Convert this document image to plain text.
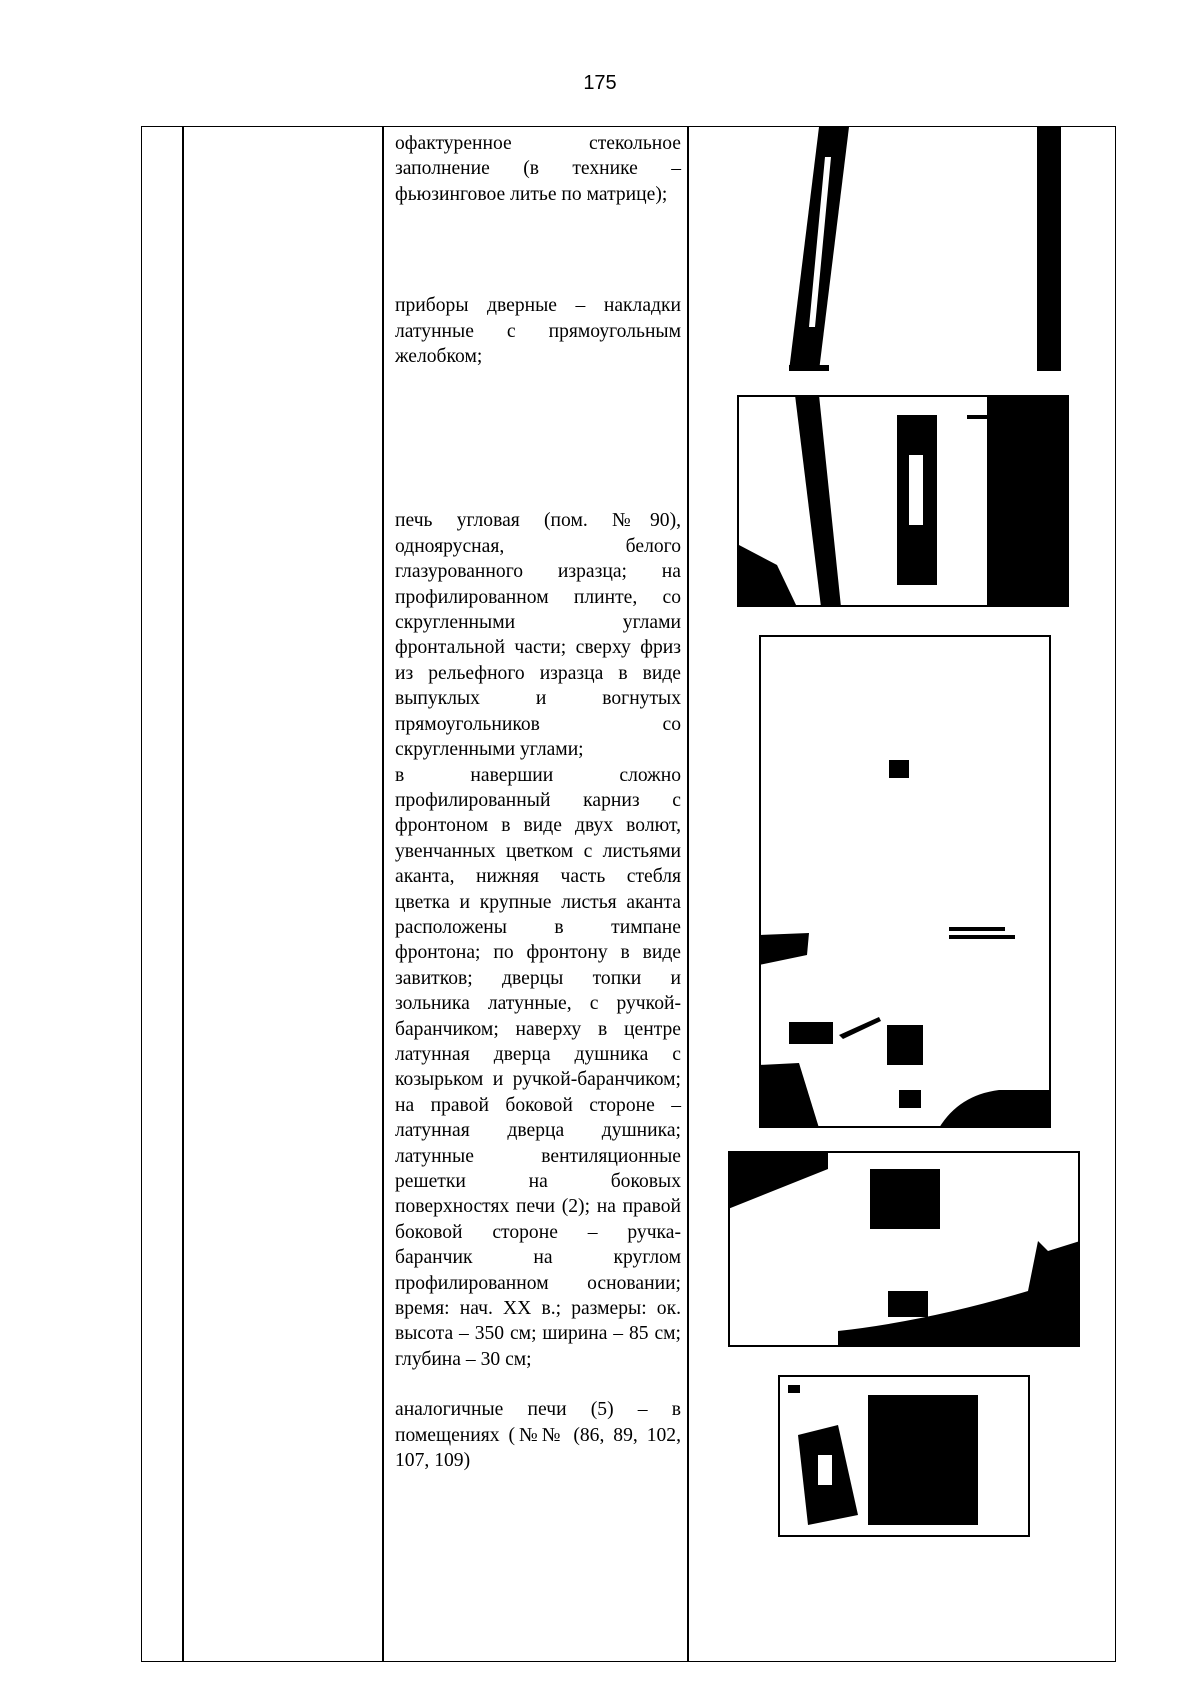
175

офактуренное стекольное заполнение (в технике – фьюзинговое литье по матрице);

приборы дверные – накладки латунные с прямоугольным желобком;

печь угловая (пом. №90), одноярусная, белого глазурованного изразца; на профилированном плинте, со скругленными углами фронтальной части; сверху фриз из рельефного изразца в виде выпуклых и вогнутых прямоугольников со скругленными углами;

в навершии сложно профилированный карниз с фронтоном в виде двух волют, увенчанных цветком с листьями аканта, нижняя часть стебля цветка и крупные листья аканта расположены в тимпане фронтона; по фронтону в виде завитков; дверцы топки и зольника латунные, с ручкой-баранчиком; наверху в центре латунная дверца душника с козырьком и ручкой-баранчиком; на правой боковой стороне – латунная дверца душника; латунные вентиляционные решетки на боковых поверхностях печи (2); на правой боковой стороне – ручка-баранчик на круглом профилированном основании; время: нач. XX в.; размеры: ок. высота – 350 см; ширина – 85 см; глубина – 30 см;

аналогичные печи (5) – в помещениях (№№ (86, 89, 102, 107, 109)
